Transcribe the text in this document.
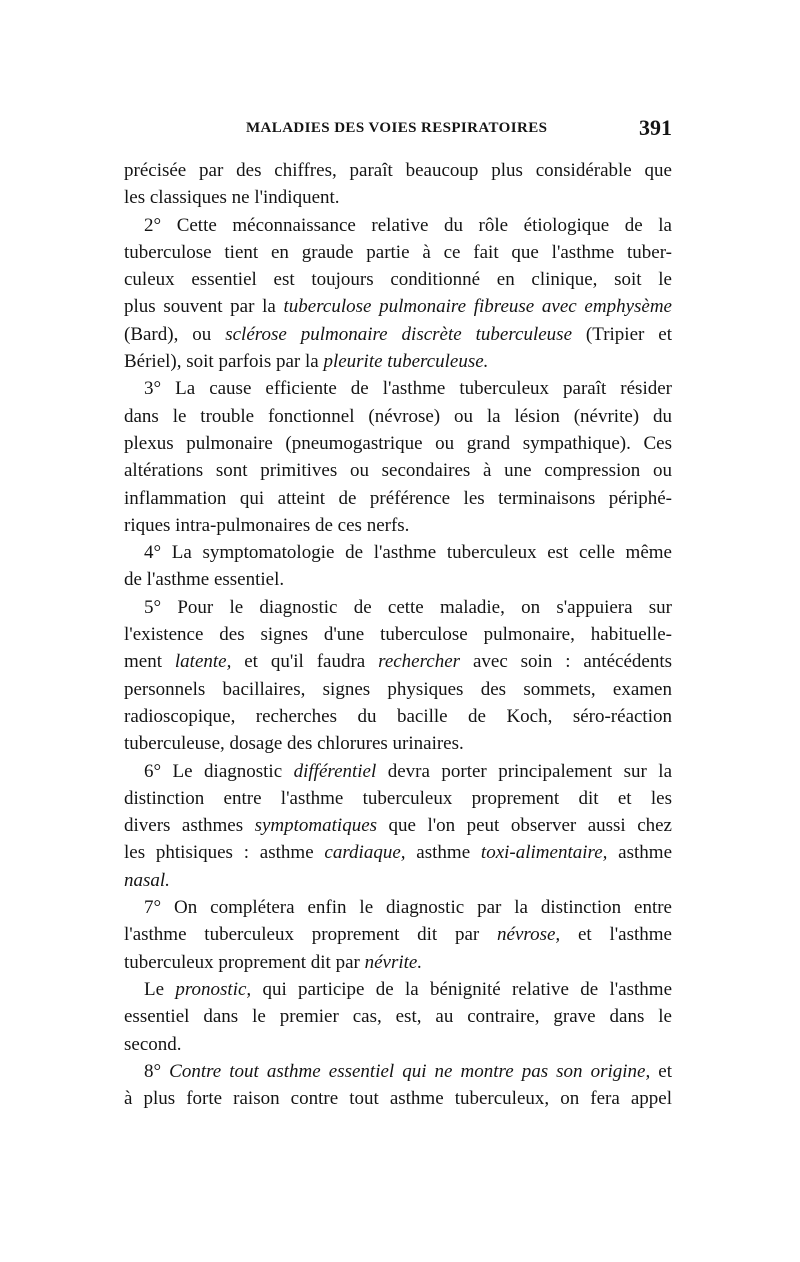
MALADIES DES VOIES RESPIRATOIRES	391
précisée par des chiffres, paraît beaucoup plus considérable que
les classiques ne l'indiquent.
2° Cette méconnaissance relative du rôle étiologique de la
tuberculose tient en graude partie à ce fait que l'asthme tuber-
culeux essentiel est toujours conditionné en clinique, soit le
plus souvent par la tuberculose pulmonaire fibreuse avec emphysème
(Bard), ou sclérose pulmonaire discrète tuberculeuse (Tripier et
Bériel), soit parfois par la pleurite tuberculeuse.
3° La cause efficiente de l'asthme tuberculeux paraît résider
dans le trouble fonctionnel (névrose) ou la lésion (névrite) du
plexus pulmonaire (pneumogastrique ou grand sympathique). Ces
altérations sont primitives ou secondaires à une compression ou
inflammation qui atteint de préférence les terminaisons périphé-
riques intra-pulmonaires de ces nerfs.
4° La symptomatologie de l'asthme tuberculeux est celle même
de l'asthme essentiel.
5° Pour le diagnostic de cette maladie, on s'appuiera sur
l'existence des signes d'une tuberculose pulmonaire, habituelle-
ment latente, et qu'il faudra rechercher avec soin : antécédents
personnels bacillaires, signes physiques des sommets, examen
radioscopique, recherches du bacille de Koch, séro-réaction
tuberculeuse, dosage des chlorures urinaires.
6° Le diagnostic différentiel devra porter principalement sur la
distinction entre l'asthme tuberculeux proprement dit et les
divers asthmes symptomatiques que l'on peut observer aussi chez
les phtisiques : asthme cardiaque, asthme toxi-alimentaire, asthme
nasal.
7° On complétera enfin le diagnostic par la distinction entre
l'asthme tuberculeux proprement dit par névrose, et l'asthme
tuberculeux proprement dit par névrite.
Le pronostic, qui participe de la bénignité relative de l'asthme
essentiel dans le premier cas, est, au contraire, grave dans le
second.
8° Contre tout asthme essentiel qui ne montre pas son origine, et
à plus forte raison contre tout asthme tuberculeux, on fera appel
